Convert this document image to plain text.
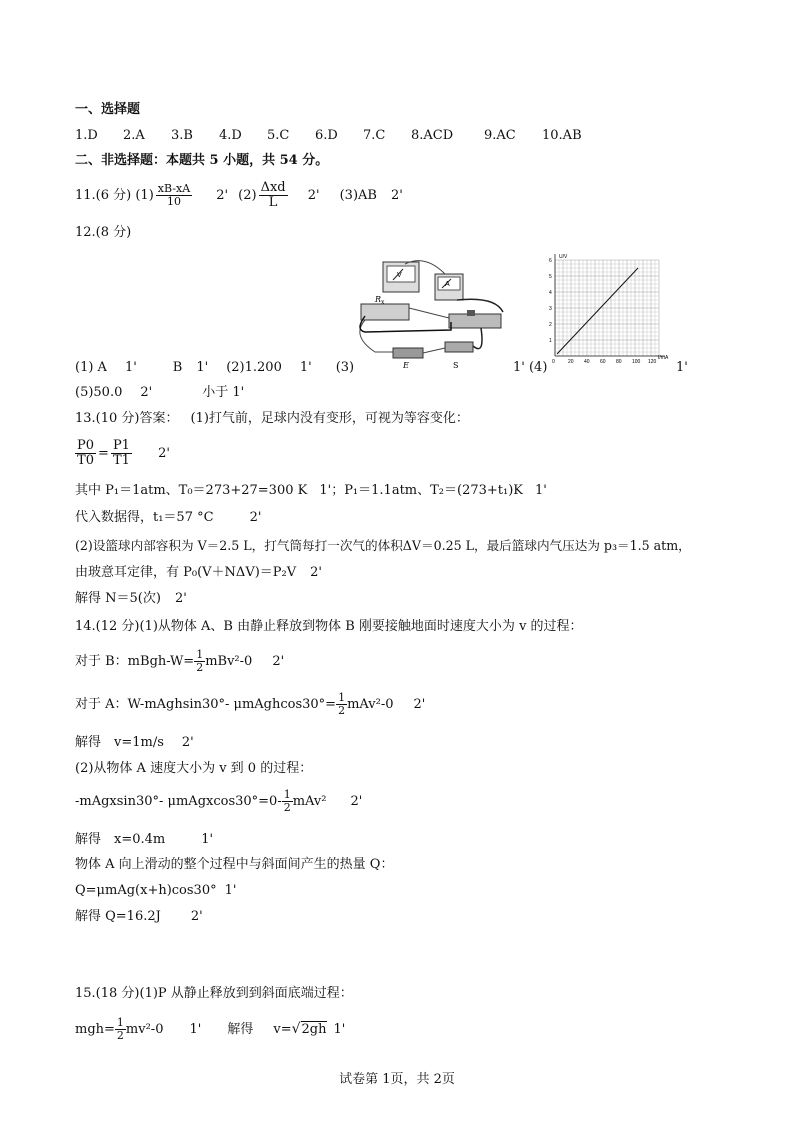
一、选择题
1.D 2.A 3.B 4.D 5.C 6.D 7.C 8.ACD 9.AC 10.AB
二、非选择题：本题共 5 小题，共 54 分。
11.(6 分) $(1) \frac{xB-xA}{10} 2'$ $(2) \frac{\text{Δxd}}{L} 2'$ (3)AB 2'
12.(8 分)
V
A
R x
E	S
U/V
I/mA
1
2
3
4
5
6
0	20 40 60 80 100 120
(1) A 1'	B 1' (2)1.200 1' (3)	1' (4)	1'
(5)50.0 2'	小于 1'
13.(10 分)答案： (1)打气前，足球内没有变形，可视为等容变化：
$\frac{P0}{T0} = \frac{P1}{T1} 2'$
其中 P₁＝1atm、T₀＝273+27=300 K 1'；P₁＝1.1atm、T₂＝(273+t₁)K 1'
代入数据得，t₁＝57 °C	2'
(2)设篮球内部容积为 V＝2.5 L，打气筒每打一次气的体积ΔV＝0.25 L，最后篮球内气压达为 p₃＝1.5 atm，
由玻意耳定律，有 P₀(V＋NΔV)＝P₂V 2'
解得 N＝5(次) 2'
14.(12 分)(1)从物体 A、B 由静止释放到物体 B 刚要接触地面时速度大小为 v 的过程：
对于 B：mBgh-W= $\frac{1}{2} mBv^2-0$ 2'
对于 A：W-mAghsin30°- μmAghcos30°= $\frac{1}{2} mAv^2-0$ 2'
解得　v=1m/s 2'
(2)从物体 A 速度大小为 v 到 0 的过程：
-mAgxsin30°- μmAgxcos30°=0- $\frac{1}{2} mAv^2$ 2'
解得　x=0.4m	1'
物体 A 向上滑动的整个过程中与斜面间产生的热量 Q：
Q=μmAg(x+h)cos30° 1'
解得 Q=16.2J 2'
15.(18 分)(1)P 从静止释放到到斜面底端过程：
$mgh= \frac{1}{2} mv^2-0$ 1' 解得 v=√2gh 1'
试卷第 1页，共 2页
